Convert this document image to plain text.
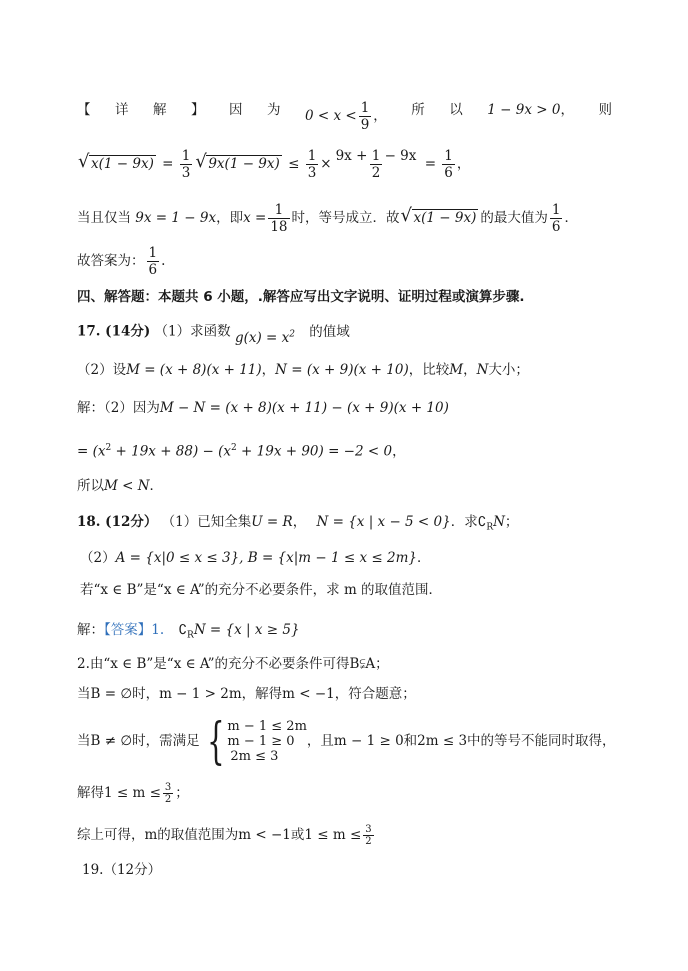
【 详 解 】 因 为 $0 < x < \frac{1}{9}$ ， 所 以 1 − 9x > 0， 则
√ $x(1 - 9x) = \frac{1}{3}$ √ $9x(1 - 9x) \le \frac{1}{3} \times \frac{9x + 1 - 9x}{2} = \frac{1}{6}$ ，
当且仅当 9x = 1 − 9x，即$x = \frac{1}{18}$ 时，等号成立．故 √ x(1 − 9x) 的最大值为 $\frac{1}{6}$ ．
故答案为： $\frac{1}{6}$ .
四、解答题：本题共 6 小题，.解答应写出文字说明、证明过程或演算步骤.
17. (14分) （1）求函数 $g(x) = x^2$ 的值域
（2）设M = (x + 8)(x + 11)，N = (x + 9)(x + 10)，比较M，N大小；
解：（2）因为M − N = (x + 8)(x + 11) − (x + 9)(x + 10)
= $(x^2 + 19x + 88) - (x^2 + 19x + 90) = -2 < 0$，
所以M < N．
18. (12分） （1）已知全集U = R， N = {x | x − 5 < 0}．求$∁_RN$；
（2）A = {x|0 ≤ x ≤ 3}, B = {x|m − 1 ≤ x ≤ 2m}．
若“x ∈ B”是“x ∈ A”的充分不必要条件，求 m 的取值范围．
解：【答案】1. $∁_RN = \{x$ | x ≥ 5}
2.由“x ∈ B”是“x ∈ A”的充分不必要条件可得B⫋A；
当B = ∅时，m − 1 > 2m，解得m < −1，符合题意；
当B ≠ ∅时，需满足 { m − 1 ≤ 2m
m − 1 ≥ 0
2m ≤ 3
，且m − 1 ≥ 0和2m ≤ 3中的等号不能同时取得，
解得$1 \le m \le \frac{3}{2}$ ；
综上可得，m的取值范围为m < −1或$1 \le m \le \frac{3}{2}$
19.（12分）
